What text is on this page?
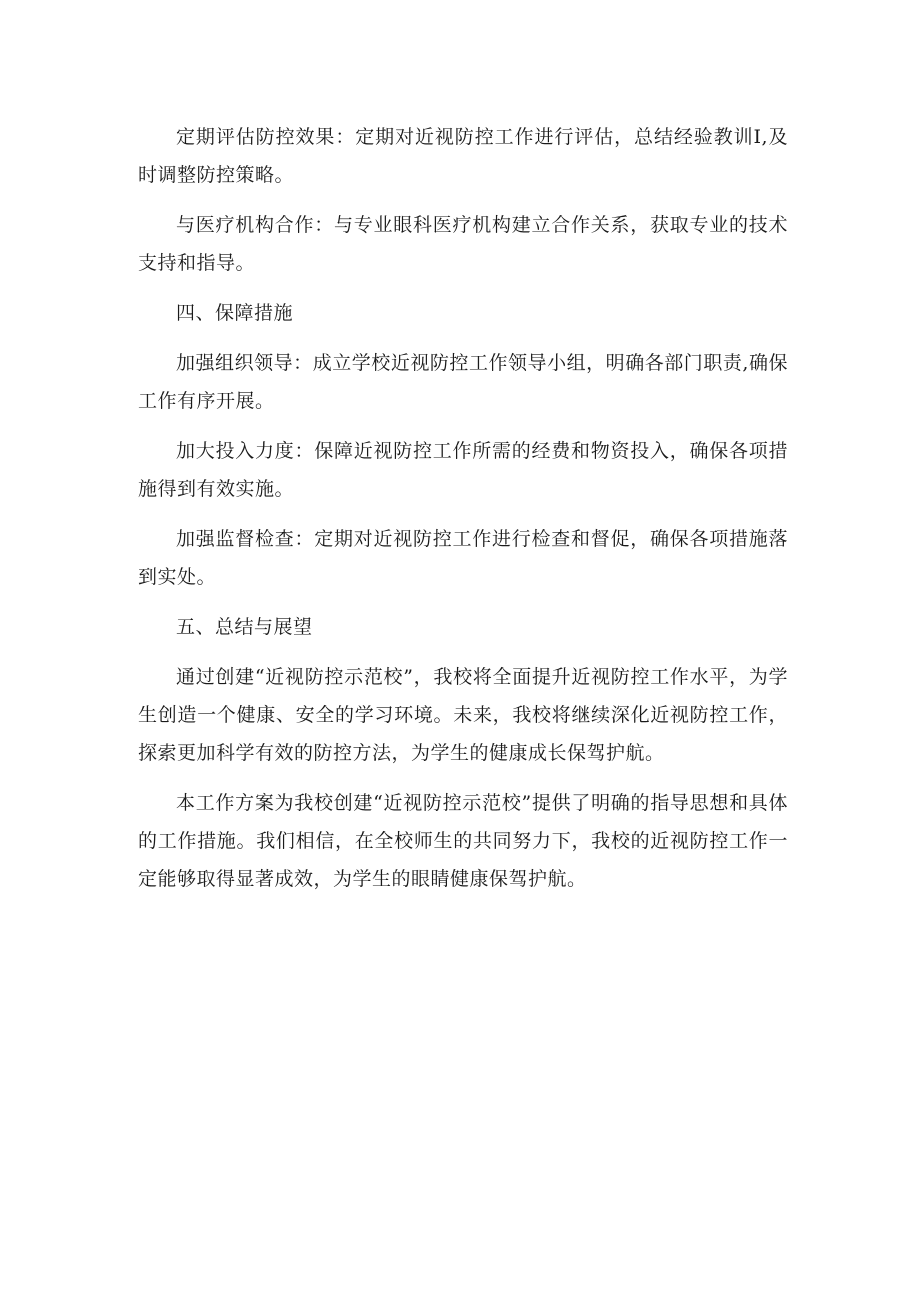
定期评估防控效果：定期对近视防控工作进行评估，总结经验教训I,及时调整防控策略。

与医疗机构合作：与专业眼科医疗机构建立合作关系，获取专业的技术支持和指导。

四、保障措施

加强组织领导：成立学校近视防控工作领导小组，明确各部门职责,确保工作有序开展。

加大投入力度：保障近视防控工作所需的经费和物资投入，确保各项措施得到有效实施。

加强监督检查：定期对近视防控工作进行检查和督促，确保各项措施落到实处。

五、总结与展望

通过创建“近视防控示范校”，我校将全面提升近视防控工作水平，为学生创造一个健康、安全的学习环境。未来，我校将继续深化近视防控工作，探索更加科学有效的防控方法，为学生的健康成长保驾护航。

本工作方案为我校创建“近视防控示范校”提供了明确的指导思想和具体的工作措施。我们相信，在全校师生的共同努力下，我校的近视防控工作一定能够取得显著成效，为学生的眼睛健康保驾护航。
